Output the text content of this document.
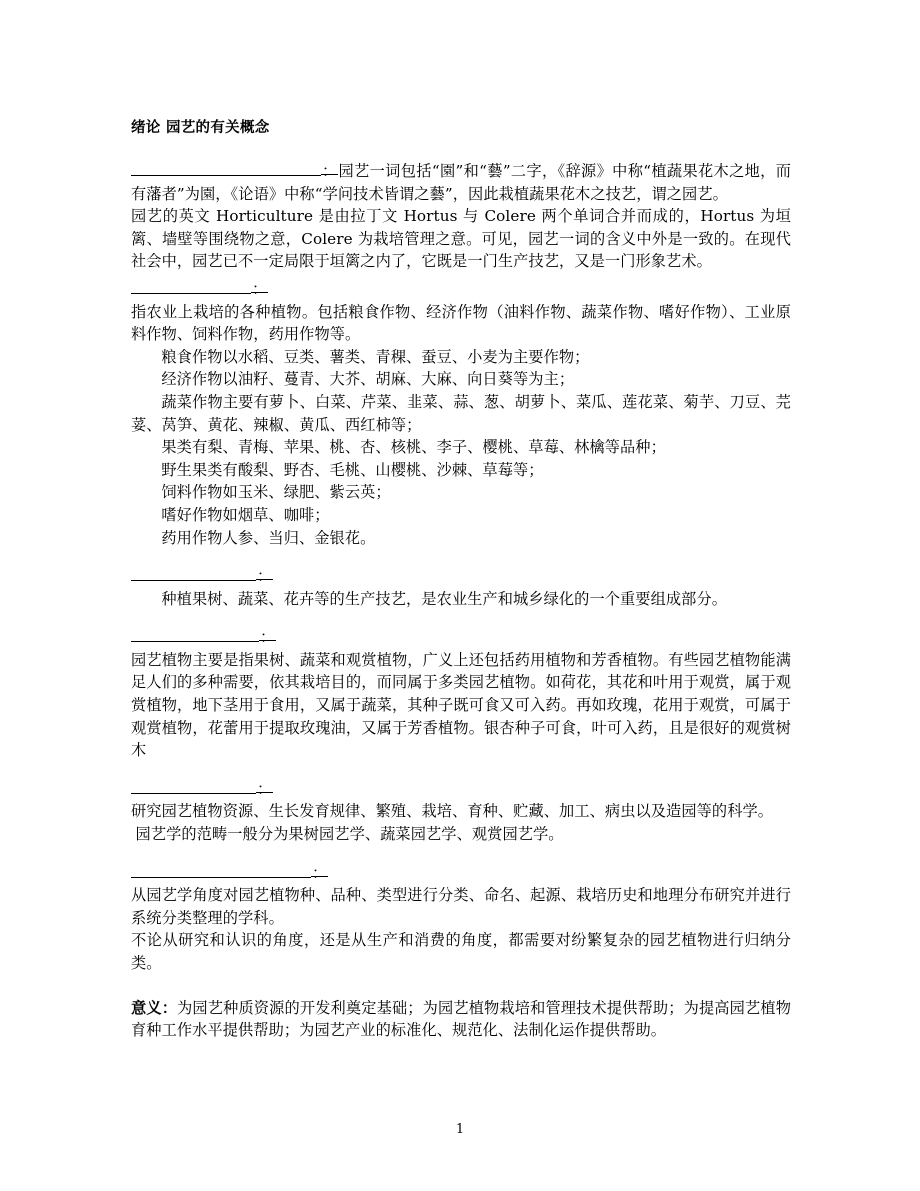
绪论 园艺的有关概念

：园艺一词包括“園”和“藝”二字，《辞源》中称“植蔬果花木之地，而有藩者”为園，《论语》中称“学问技术皆谓之藝”，因此栽植蔬果花木之技艺，谓之园艺。

园艺的英文 Horticulture 是由拉丁文 Hortus 与 Colere 两个单词合并而成的，Hortus 为垣篱、墙壁等围绕物之意，Colere 为栽培管理之意。可见，园艺一词的含义中外是一致的。在现代社会中，园艺已不一定局限于垣篱之内了，它既是一门生产技艺，又是一门形象艺术。

：

指农业上栽培的各种植物。包括粮食作物、经济作物（油料作物、蔬菜作物、嗜好作物）、工业原料作物、饲料作物，药用作物等。

粮食作物以水稻、豆类、薯类、青稞、蚕豆、小麦为主要作物；

经济作物以油籽、蔓青、大芥、胡麻、大麻、向日葵等为主；

蔬菜作物主要有萝卜、白菜、芹菜、韭菜、蒜、葱、胡萝卜、菜瓜、莲花菜、菊芋、刀豆、芫荽、莴笋、黄花、辣椒、黄瓜、西红柿等；

果类有梨、青梅、苹果、桃、杏、核桃、李子、樱桃、草莓、林檎等品种；

野生果类有酸梨、野杏、毛桃、山樱桃、沙棘、草莓等；

饲料作物如玉米、绿肥、紫云英；

嗜好作物如烟草、咖啡；

药用作物人参、当归、金银花。

：

种植果树、蔬菜、花卉等的生产技艺，是农业生产和城乡绿化的一个重要组成部分。

：

园艺植物主要是指果树、蔬菜和观赏植物，广义上还包括药用植物和芳香植物。有些园艺植物能满足人们的多种需要，依其栽培目的，而同属于多类园艺植物。如荷花，其花和叶用于观赏，属于观赏植物，地下茎用于食用，又属于蔬菜，其种子既可食又可入药。再如玫瑰，花用于观赏，可属于观赏植物，花蕾用于提取玫瑰油，又属于芳香植物。银杏种子可食，叶可入药，且是很好的观赏树木

：

研究园艺植物资源、生长发育规律、繁殖、栽培、育种、贮藏、加工、病虫以及造园等的科学。

园艺学的范畴一般分为果树园艺学、蔬菜园艺学、观赏园艺学。

：

从园艺学角度对园艺植物种、品种、类型进行分类、命名、起源、栽培历史和地理分布研究并进行系统分类整理的学科。

不论从研究和认识的角度，还是从生产和消费的角度，都需要对纷繁复杂的园艺植物进行归纳分类。

意义：为园艺种质资源的开发利奠定基础；为园艺植物栽培和管理技术提供帮助；为提高园艺植物育种工作水平提供帮助；为园艺产业的标准化、规范化、法制化运作提供帮助。

1
